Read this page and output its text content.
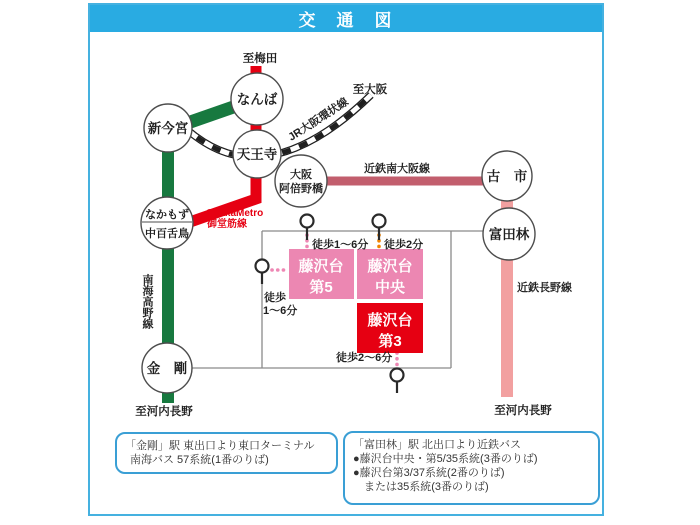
交　通　図
藤沢台
第5
藤沢台
中央
藤沢台
第3
なんば
新今宮
天王寺
大阪
阿倍野橋
なかもず
中百舌鳥
金　剛
古　市
富田林
至梅田
至大阪
至河内長野	至河内長野
JR大阪環状線
近鉄南大阪線
OsakaMetro
御堂筋線
南海高野線	近鉄長野線
徒歩1〜6分 徒歩2分
徒歩
1〜6分
徒歩2〜6分
「金剛」駅 東出口より東口ターミナル
南海バス 57系統(1番のりば)
「富田林」駅 北出口より近鉄バス
●藤沢台中央・第5/35系統(3番のりば)
●藤沢台第3/37系統(2番のりば)
または35系統(3番のりば)
